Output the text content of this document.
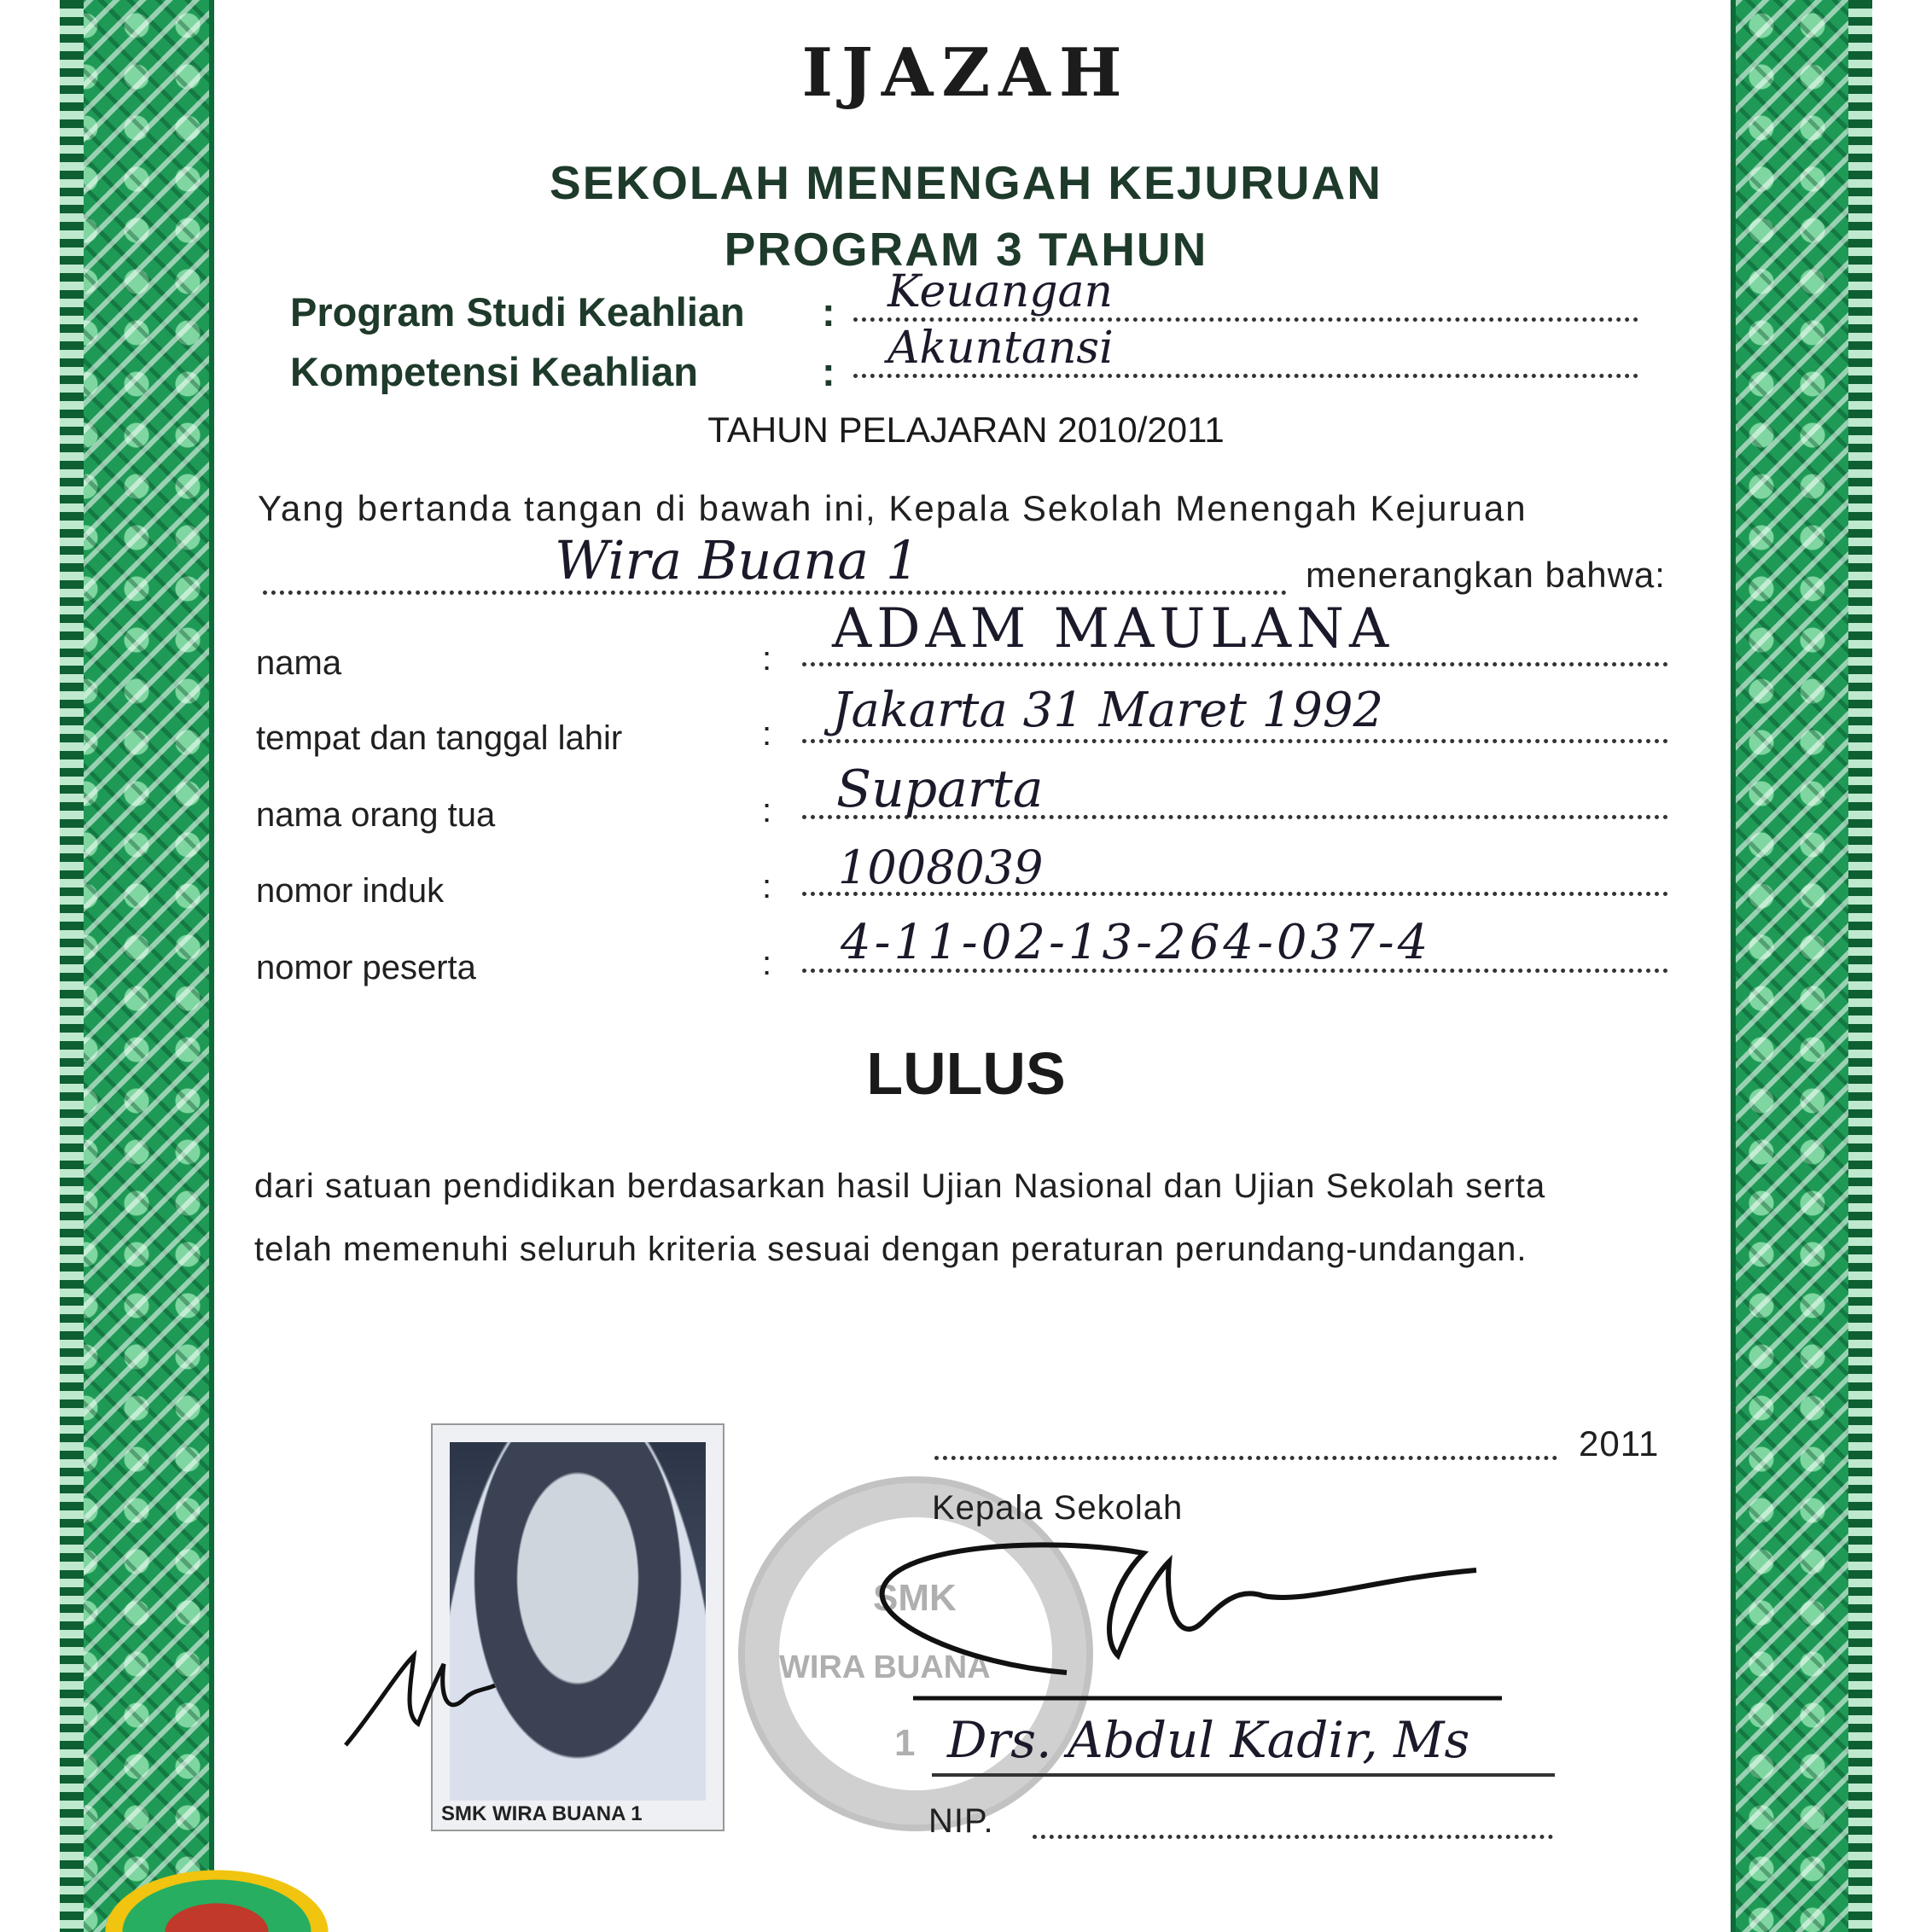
IJAZAH
SEKOLAH MENENGAH KEJURUAN
PROGRAM 3 TAHUN
Program Studi Keahlian : Keuangan
Kompetensi Keahlian	: Akuntansi
TAHUN PELAJARAN 2010/2011
Yang bertanda tangan di bawah ini, Kepala Sekolah Menengah Kejuruan
Wira Buana 1	menerangkan bahwa:
nama	: ADAM MAULANA
tempat dan tanggal lahir	: Jakarta 31 Maret 1992
nama orang tua	: Suparta
nomor induk	: 1008039
nomor peserta	: 4-11-02-13-264-037-4
LULUS
dari satuan pendidikan berdasarkan hasil Ujian Nasional dan Ujian Sekolah serta
telah memenuhi seluruh kriteria sesuai dengan peraturan perundang-undangan.
SMK WIRA BUANA 1
SMK
WIRA BUANA
1
2011
Kepala Sekolah
Drs. Abdul Kadir, Ms
NIP.
